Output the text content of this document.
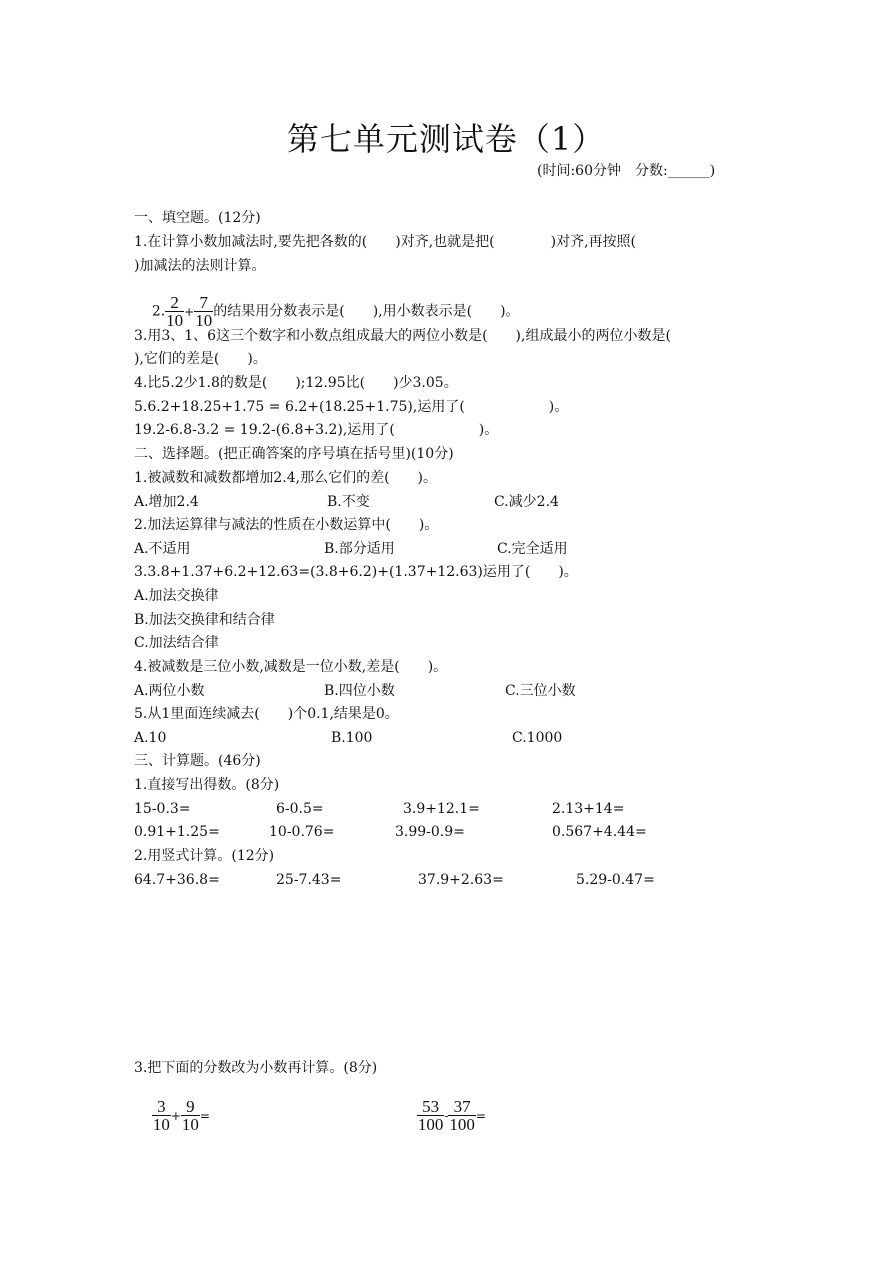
第七单元测试卷（1）
(时间:60分钟　分数:______)
一、填空题。(12分)
1.在计算小数加减法时,要先把各数的(　　)对齐,也就是把(　　　　)对齐,再按照(
)加减法的法则计算。

2. $\frac{2}{10} + \frac{7}{10}$ 的结果用分数表示是(　　),用小数表示是(　　)。

3.用3、1、6这三个数字和小数点组成最大的两位小数是(　　),组成最小的两位小数是(
),它们的差是(　　)。
4.比5.2少1.8的数是(　　);12.95比(　　)少3.05。
5.6.2+18.25+1.75 = 6.2+(18.25+1.75),运用了(　　　　　　)。
19.2-6.8-3.2 = 19.2-(6.8+3.2),运用了(　　　　　　)。
二、选择题。(把正确答案的序号填在括号里)(10分)
1.被减数和减数都增加2.4,那么它们的差(　　)。
A.增加2.4	B.不变	C.减少2.4
2.加法运算律与减法的性质在小数运算中(　　)。
A.不适用	B.部分适用	C.完全适用
3.3.8+1.37+6.2+12.63=(3.8+6.2)+(1.37+12.63)运用了(　　)。
A.加法交换律
B.加法交换律和结合律
C.加法结合律
4.被减数是三位小数,减数是一位小数,差是(　　)。
A.两位小数	B.四位小数	C.三位小数
5.从1里面连续减去(　　)个0.1,结果是0。
A.10	B.100	C.1000
三、计算题。(46分)
1.直接写出得数。(8分)
15-0.3=	6-0.5=	3.9+12.1=	2.13+14=
0.91+1.25=	10-0.76=	3.99-0.9=	0.567+4.44=
2.用竖式计算。(12分)
64.7+36.8=	25-7.43=	37.9+2.63=	5.29-0.47=
3.把下面的分数改为小数再计算。(8分)

$\frac{3}{10} + \frac{9}{10}$ =

	$\frac{53}{100} - \frac{37}{100}$ =
